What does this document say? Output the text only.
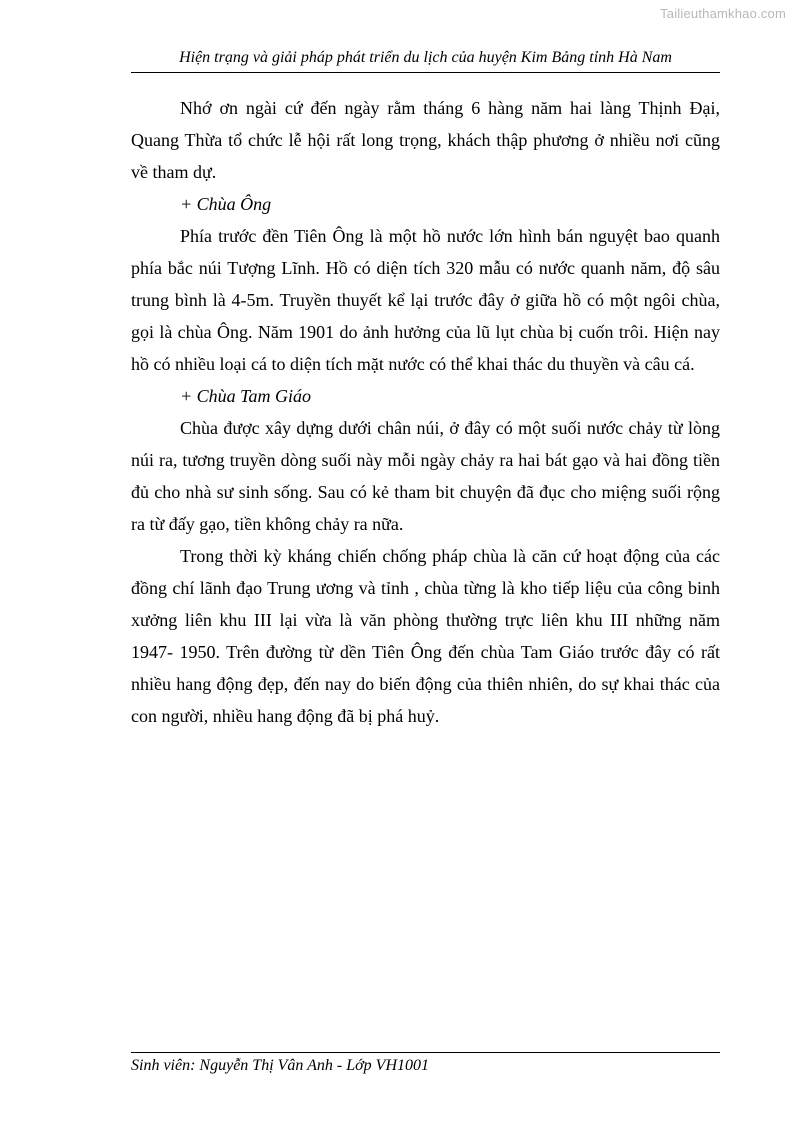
Tailieuthamkhao.com
Hiện trạng và giải pháp phát triển du lịch của huyện Kim Bảng tỉnh Hà Nam

Nhớ ơn ngài cứ đến ngày rằm tháng 6 hàng năm hai làng Thịnh Đại, Quang Thừa tổ chức lễ hội rất long trọng, khách thập phương ở nhiều nơi cũng về tham dự.

+ Chùa Ông

Phía trước đền Tiên Ông là một hồ nước lớn hình bán nguyệt bao quanh phía bắc núi Tượng Lĩnh. Hồ có diện tích 320 mẫu có nước quanh năm, độ sâu trung bình là 4-5m. Truyền thuyết kể lại trước đây ở giữa hồ có một ngôi chùa, gọi là chùa Ông. Năm 1901 do ảnh hưởng của lũ lụt chùa bị cuốn trôi. Hiện nay hồ có nhiều loại cá to diện tích mặt nước có thể khai thác du thuyền và câu cá.

+ Chùa Tam Giáo

Chùa được xây dựng dưới chân núi, ở đây có một suối nước chảy từ lòng núi ra, tương truyền dòng suối này mỗi ngày chảy ra hai bát gạo và hai đồng tiền đủ cho nhà sư sinh sống. Sau có kẻ tham bit chuyện đã đục cho miệng suối rộng ra từ đấy gạo, tiền không chảy ra nữa.

Trong thời kỳ kháng chiến chống pháp chùa là căn cứ hoạt động của các đồng chí lãnh đạo Trung ương và tỉnh , chùa từng là kho tiếp liệu của công binh xưởng liên khu III lại vừa là văn phòng thường trực liên khu III những năm 1947- 1950. Trên đường từ dền Tiên Ông đến chùa Tam Giáo trước đây có rất nhiều hang động đẹp, đến nay do biến động của thiên nhiên, do sự khai thác của con người, nhiều hang động đã bị phá huỷ.

Sinh viên: Nguyễn Thị Vân Anh - Lớp VH1001
